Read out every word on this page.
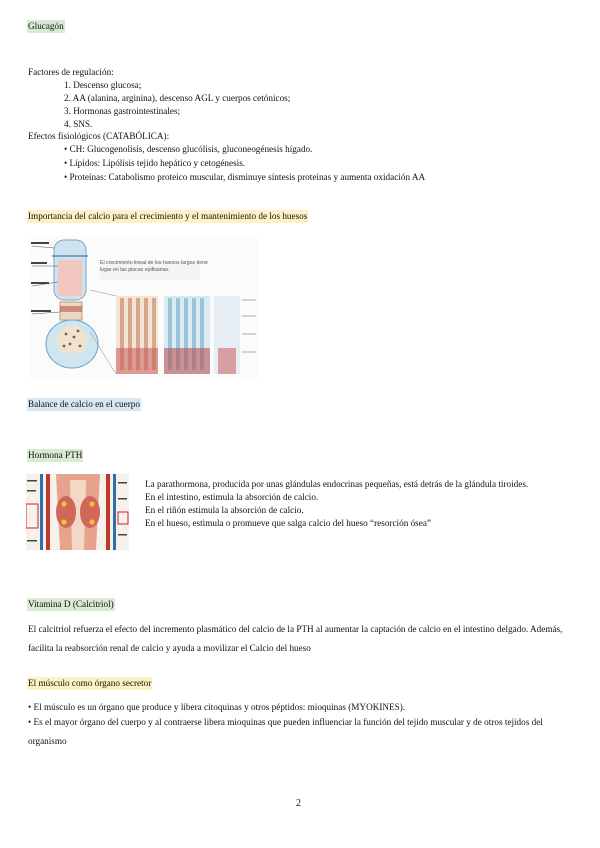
Glucagón
Factores de regulación:
1. Descenso glucosa;
2. AA (alanina, arginina), descenso AGL y cuerpos cetónicos;
3. Hormonas gastrointestinales;
4. SNS.
Efectos fisiológicos (CATABÓLICA):
• CH: Glucogenolisis, descenso glucólisis, gluconeogénesis hígado.
• Lípidos: Lipólisis tejido hepático y cetogénesis.
• Proteínas: Catabolismo proteico muscular, disminuye síntesis proteínas y aumenta oxidación AA
Importancia del calcio para el crecimiento y el mantenimiento de los huesos
El crecimiento lineal de los huesos largos tiene lugar en las placas epifisarias.
Balance de calcio en el cuerpo
Hormona PTH
La parathormona, producida por unas glándulas endocrinas pequeñas, está detrás de la glándula tiroides.
En el intestino, estimula la absorción de calcio.
En el riñón estimula la absorción de calcio.
En el hueso, estimula o promueve que salga calcio del hueso “resorción ósea”
Vitamina D (Calcitriol)
El calcitriol refuerza el efecto del incremento plasmático del calcio de la PTH al aumentar la captación de calcio en el intestino delgado. Además, facilita la reabsorción renal de calcio y ayuda a movilizar el Calcio del hueso
El músculo como órgano secretor
• El músculo es un órgano que produce y libera citoquinas y otros péptidos: mioquinas (MYOKINES).
• Es el mayor órgano del cuerpo y al contraerse libera mioquinas que pueden influenciar la función del tejido muscular y de otros tejidos del organismo
2
